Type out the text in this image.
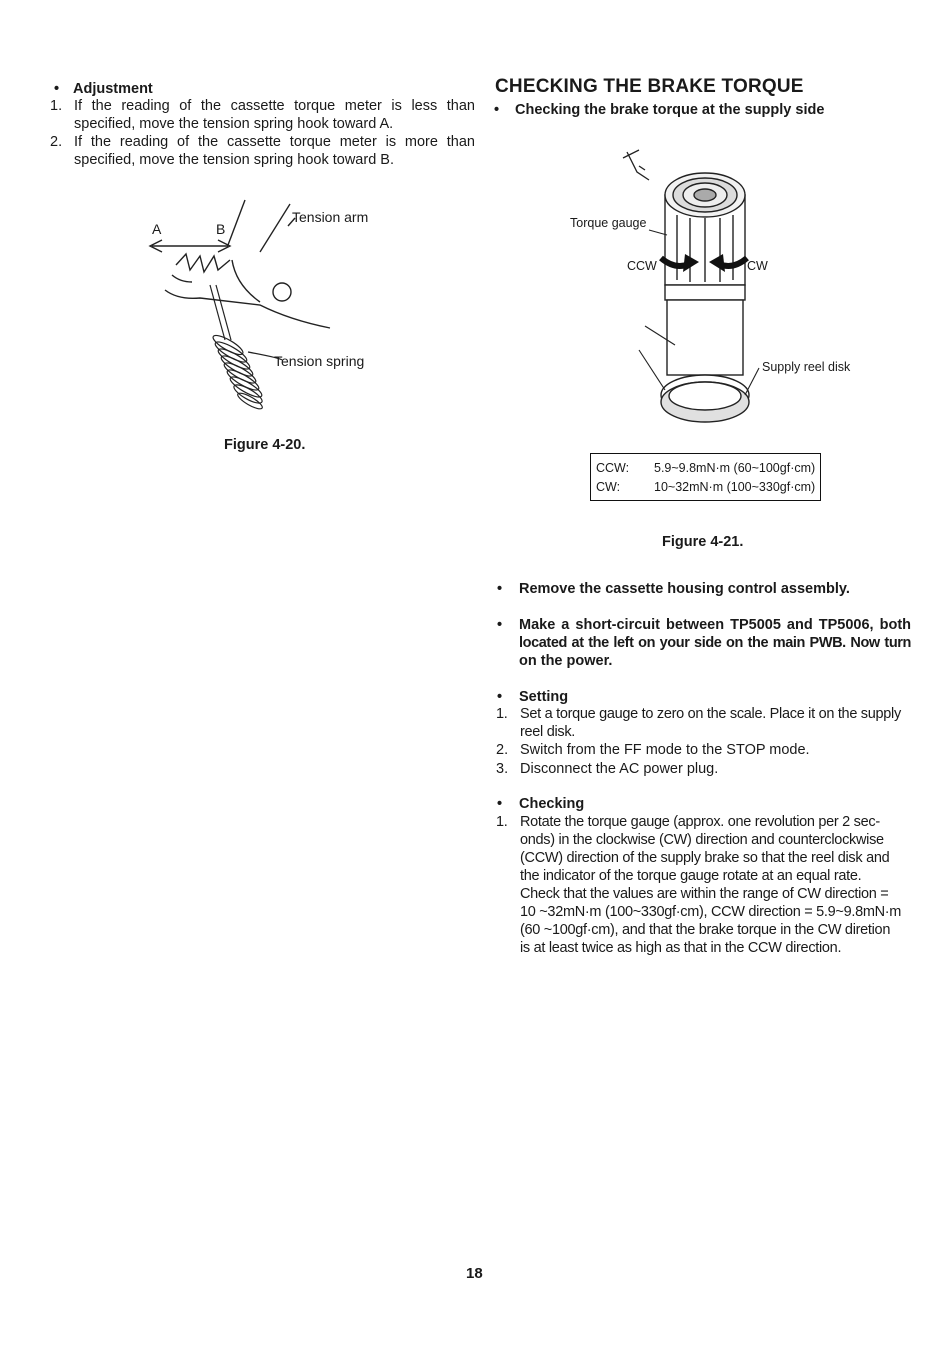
• Adjustment
1. If the reading of the cassette torque meter is less than
specified, move the tension spring hook toward A.
2. If the reading of the cassette torque meter is more than
specified, move the tension spring hook toward B.
A	B
Tension arm
Tension spring
Figure 4-20.
CHECKING THE BRAKE TORQUE
• Checking the brake torque at the supply side
Torque gauge
CCW	CW
Supply reel disk
CCW: 5.9~9.8mN·m (60~100gf·cm)
CW:	10~32mN·m (100~330gf·cm)
Figure 4-21.
• Remove the cassette housing control assembly.
• Make a short-circuit between TP5005 and TP5006, both
located at the left on your side on the main PWB. Now turn
on the power.
• Setting
1. Set a torque gauge to zero on the scale. Place it on the supply
reel disk.
2. Switch from the FF mode to the STOP mode.
3. Disconnect the AC power plug.
• Checking
1. Rotate the torque gauge (approx. one revolution per 2 sec-
onds) in the clockwise (CW) direction and counterclockwise
(CCW) direction of the supply brake so that the reel disk and
the indicator of the torque gauge rotate at an equal rate.
Check that the values are within the range of CW direction =
10 ~32mN·m (100~330gf·cm), CCW direction = 5.9~9.8mN·m
(60 ~100gf·cm), and that the brake torque in the CW diretion
is at least twice as high as that in the CCW direction.
18
